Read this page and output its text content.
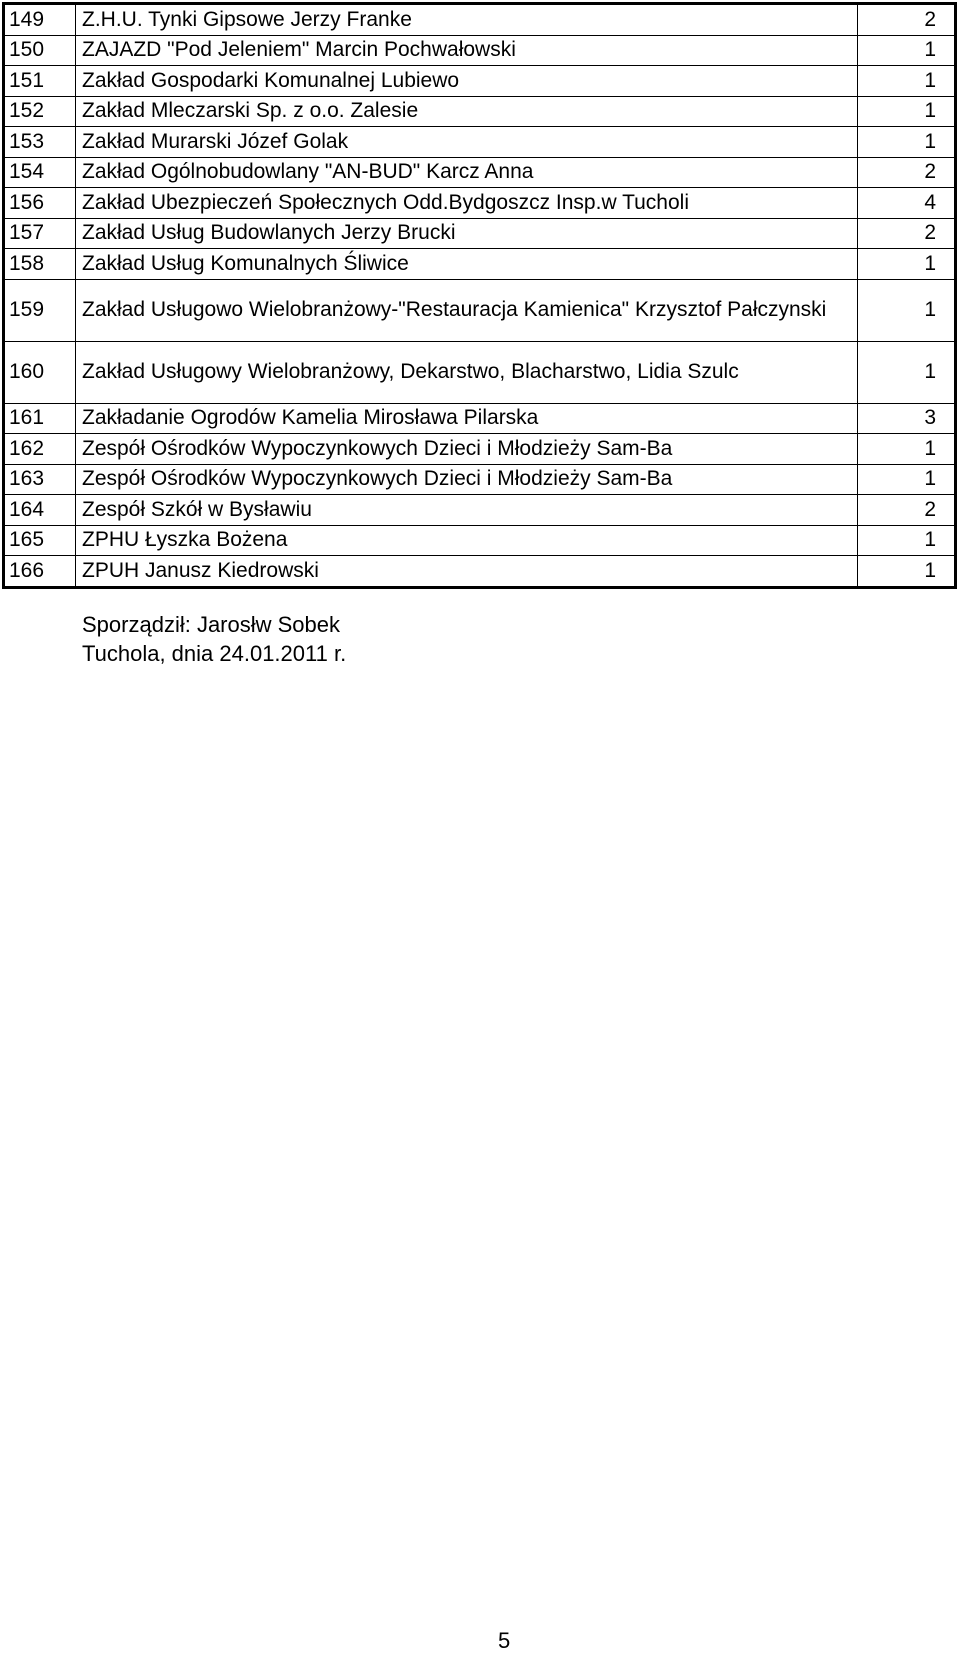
149	Z.H.U. Tynki Gipsowe Jerzy Franke	2
150	ZAJAZD "Pod Jeleniem" Marcin Pochwałowski	1
151	Zakład Gospodarki Komunalnej Lubiewo	1
152	Zakład Mleczarski Sp. z o.o. Zalesie	1
153	Zakład Murarski Józef Golak	1
154	Zakład Ogólnobudowlany "AN-BUD" Karcz Anna	2
156	Zakład Ubezpieczeń Społecznych Odd.Bydgoszcz Insp.w Tucholi	4
157	Zakład Usług Budowlanych Jerzy Brucki	2
158	Zakład Usług Komunalnych Śliwice	1
159	Zakład Usługowo Wielobranżowy-"Restauracja Kamienica" Krzysztof Pałczynski	1
160	Zakład Usługowy Wielobranżowy, Dekarstwo, Blacharstwo, Lidia Szulc	1
161	Zakładanie Ogrodów Kamelia Mirosława Pilarska	3
162	Zespół Ośrodków Wypoczynkowych Dzieci i Młodzieży Sam-Ba	1
163	Zespół Ośrodków Wypoczynkowych Dzieci i Młodzieży Sam-Ba	1
164	Zespół Szkół w Bysławiu	2
165	ZPHU Łyszka Bożena	1
166	ZPUH Janusz Kiedrowski	1
Sporządził: Jarosłw Sobek
Tuchola, dnia 24.01.2011 r.
5
